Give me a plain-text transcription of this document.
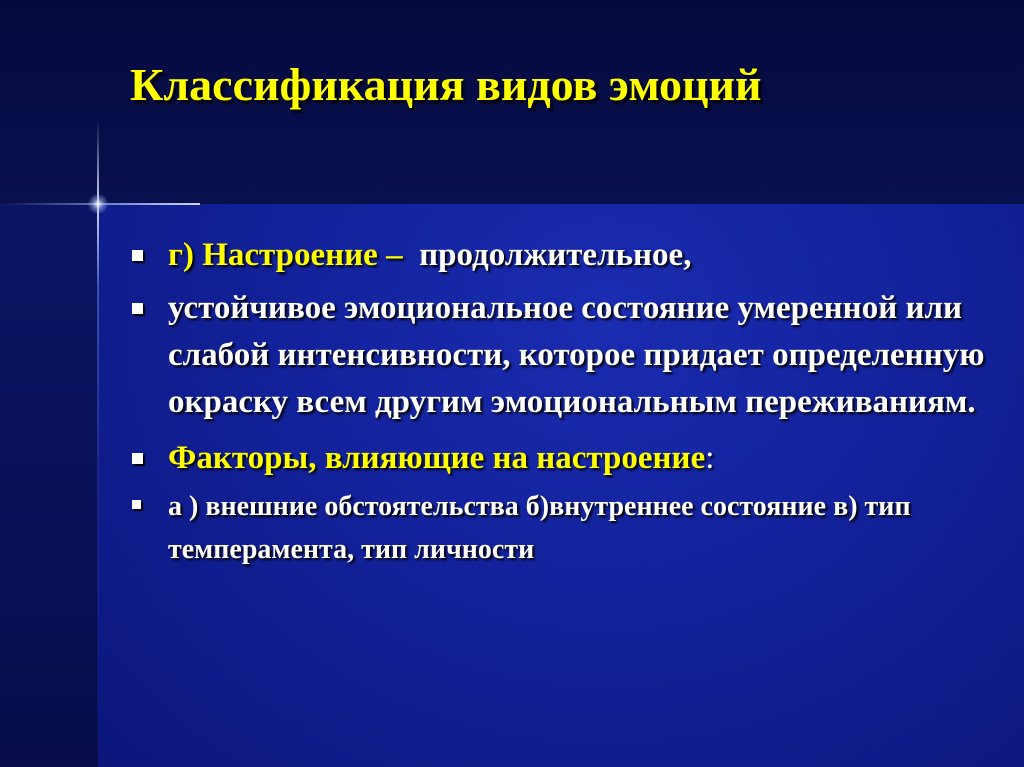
Классификация видов эмоций
г) Настроение –  продолжительное,
устойчивое эмоциональное состояние умеренной или слабой интенсивности, которое придает определенную окраску всем другим эмоциональным переживаниям.
Факторы, влияющие на настроение:
а ) внешние обстоятельства б)внутреннее состояние в) тип темперамента, тип личности
